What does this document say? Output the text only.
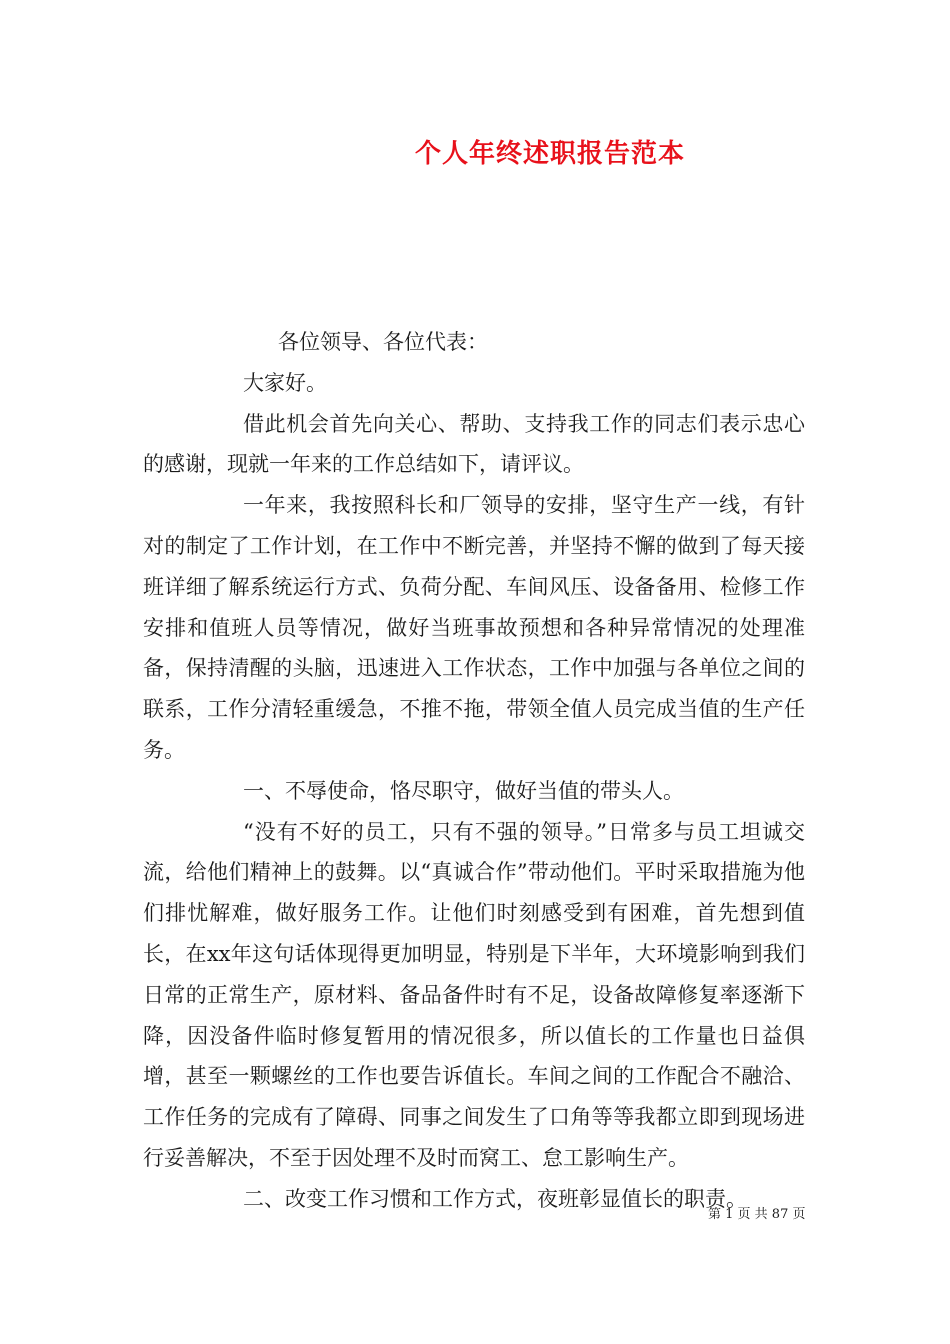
个人年终述职报告范本

各位领导、各位代表：

大家好。

借此机会首先向关心、帮助、支持我工作的同志们表示忠心的感谢，现就一年来的工作总结如下，请评议。

一年来，我按照科长和厂领导的安排，坚守生产一线，有针对的制定了工作计划，在工作中不断完善，并坚持不懈的做到了每天接班详细了解系统运行方式、负荷分配、车间风压、设备备用、检修工作安排和值班人员等情况，做好当班事故预想和各种异常情况的处理准备，保持清醒的头脑，迅速进入工作状态，工作中加强与各单位之间的联系，工作分清轻重缓急，不推不拖，带领全值人员完成当值的生产任务。

一、不辱使命，恪尽职守，做好当值的带头人。

“没有不好的员工，只有不强的领导。”日常多与员工坦诚交流，给他们精神上的鼓舞。以“真诚合作”带动他们。平时采取措施为他们排忧解难，做好服务工作。让他们时刻感受到有困难，首先想到值长，在xx年这句话体现得更加明显，特别是下半年，大环境影响到我们日常的正常生产，原材料、备品备件时有不足，设备故障修复率逐渐下降，因没备件临时修复暂用的情况很多，所以值长的工作量也日益俱增，甚至一颗螺丝的工作也要告诉值长。车间之间的工作配合不融洽、工作任务的完成有了障碍、同事之间发生了口角等等我都立即到现场进行妥善解决，不至于因处理不及时而窝工、怠工影响生产。

二、改变工作习惯和工作方式，夜班彰显值长的职责。

第 1 页 共 87 页
